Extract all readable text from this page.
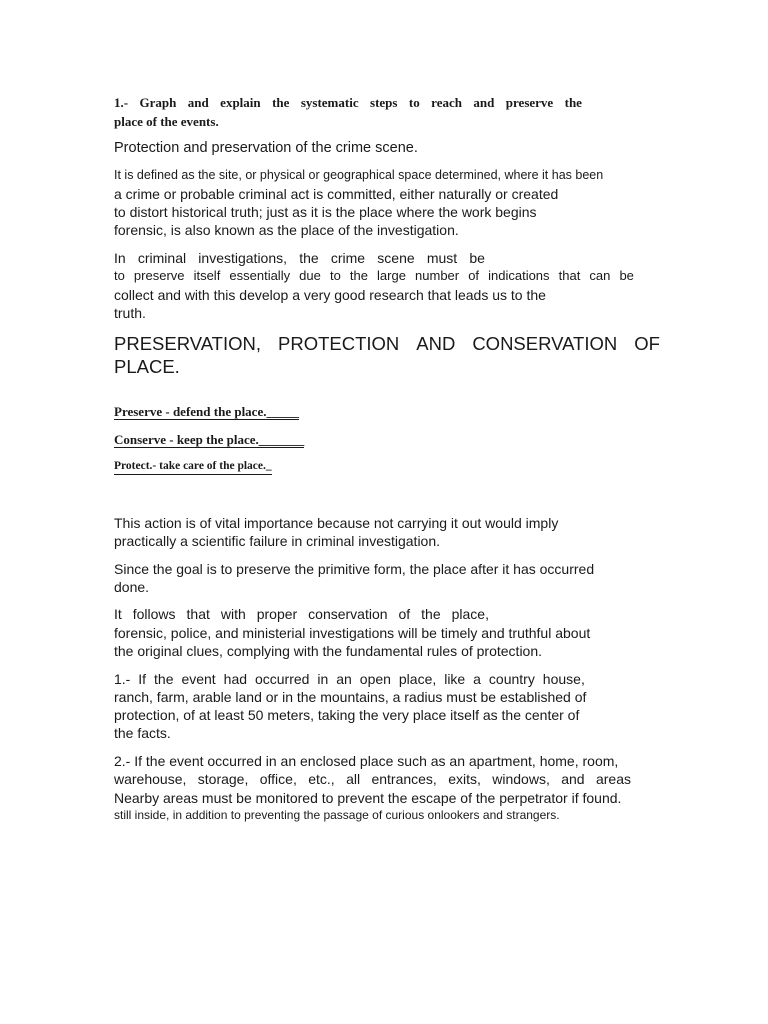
1.- Graph and explain the systematic steps to reach and preserve the
place of the events.
Protection and preservation of the crime scene.
It is defined as the site, or physical or geographical space determined, where it has been
a crime or probable criminal act is committed, either naturally or created
to distort historical truth; just as it is the place where the work begins
forensic, is also known as the place of the investigation.
In criminal investigations, the crime scene must be
to preserve itself essentially due to the large number of indications that can be
collect and with this develop a very good research that leads us to the
truth.
PRESERVATION, PROTECTION AND CONSERVATION OF
PLACE.
Preserve - defend the place._____
Conserve - keep the place._______
Protect.- take care of the place._
This action is of vital importance because not carrying it out would imply
practically a scientific failure in criminal investigation.
Since the goal is to preserve the primitive form, the place after it has occurred
done.
It follows that with proper conservation of the place,
forensic, police, and ministerial investigations will be timely and truthful about
the original clues, complying with the fundamental rules of protection.
1.- If the event had occurred in an open place, like a country house,
ranch, farm, arable land or in the mountains, a radius must be established of
protection, of at least 50 meters, taking the very place itself as the center of
the facts.
2.- If the event occurred in an enclosed place such as an apartment, home, room,
warehouse, storage, office, etc., all entrances, exits, windows, and areas
Nearby areas must be monitored to prevent the escape of the perpetrator if found.
still inside, in addition to preventing the passage of curious onlookers and strangers.
